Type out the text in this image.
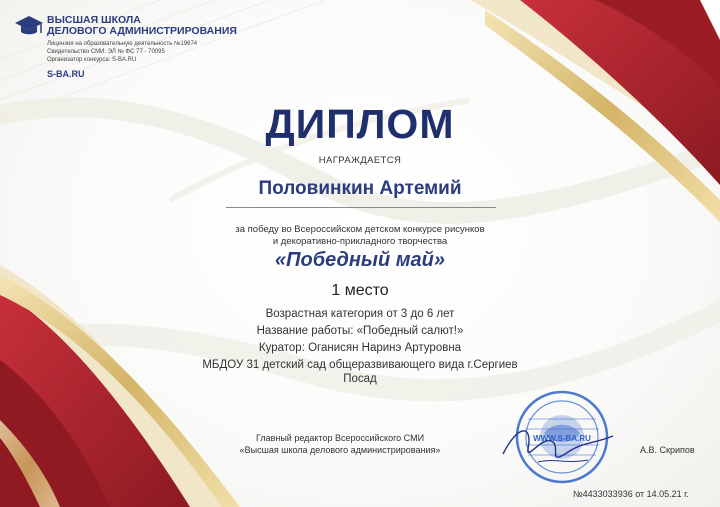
ВЫСШАЯ ШКОЛА
ДЕЛОВОГО АДМИНИСТРИРОВАНИЯ
Лицензия на образовательную деятельность №19674
Свидетельство СМИ: ЭЛ № ФС 77 - 70095
Организатор конкурса: S-BA.RU
S-BA.RU
ДИПЛОМ
НАГРАЖДАЕТСЯ
Половинкин Артемий
за победу во Всероссийском детском конкурсе рисунков
и декоративно-прикладного творчества
«Победный май»
1 место
Возрастная категория от 3 до 6 лет
Название работы: «Победный салют!»
Куратор: Оганисян Наринэ Артуровна
МБДОУ 31 детский сад общеразвивающего вида г.Сергиев
Посад
Главный редактор Всероссийского СМИ
«Высшая школа делового администрирования»
WWW.S-BA.RU
А.В. Скрипов
№4433033936 от 14.05.21 г.
